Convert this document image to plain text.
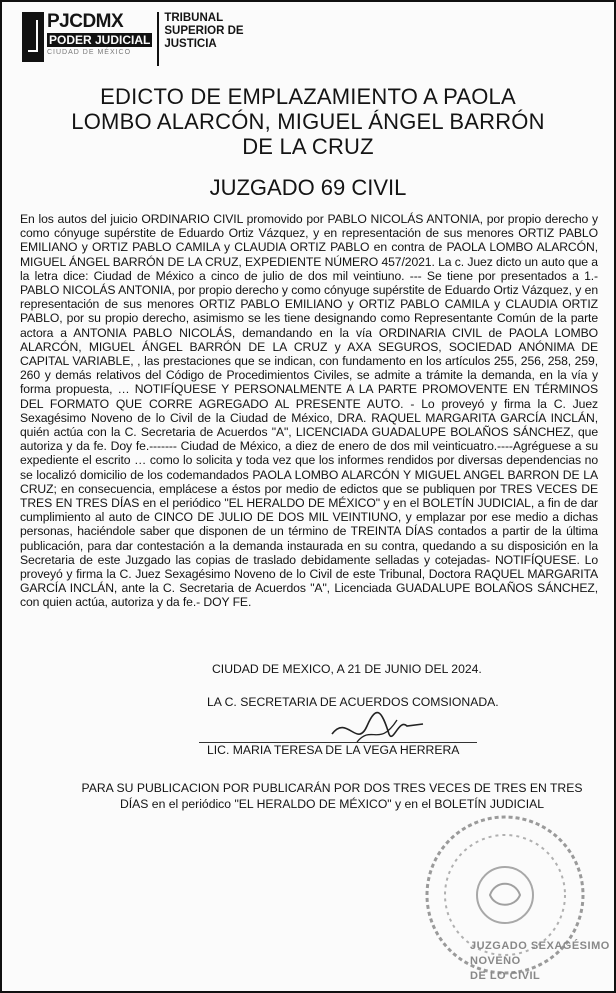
PJCDMX
PODER JUDICIAL
CIUDAD DE MÉXICO
TRIBUNAL
SUPERIOR DE
JUSTICIA
EDICTO DE EMPLAZAMIENTO A PAOLA
LOMBO ALARCÓN, MIGUEL ÁNGEL BARRÓN
DE LA CRUZ
JUZGADO 69 CIVIL
En los autos del juicio ORDINARIO CIVIL promovido por PABLO NICOLÁS ANTONIA, por propio derecho y como cónyuge supérstite de Eduardo Ortiz Vázquez, y en representación de sus menores ORTIZ PABLO EMILIANO y ORTIZ PABLO CAMILA y CLAUDIA ORTIZ PABLO en contra de PAOLA LOMBO ALARCÓN, MIGUEL ÁNGEL BARRÓN DE LA CRUZ, EXPEDIENTE NÚMERO 457/2021. La c. Juez dicto un auto que a la letra dice: Ciudad de México a cinco de julio de dos mil veintiuno. --- Se tiene por presentados a 1.- PABLO NICOLÁS ANTONIA, por propio derecho y como cónyuge supérstite de Eduardo Ortiz Vázquez, y en representación de sus menores ORTIZ PABLO EMILIANO y ORTIZ PABLO CAMILA y CLAUDIA ORTIZ PABLO, por su propio derecho, asimismo se les tiene designando como Representante Común de la parte actora a ANTONIA PABLO NICOLÁS, demandando en la vía ORDINARIA CIVIL de PAOLA LOMBO ALARCÓN, MIGUEL ÁNGEL BARRÓN DE LA CRUZ y AXA SEGUROS, SOCIEDAD ANÓNIMA DE CAPITAL VARIABLE, , las prestaciones que se indican, con fundamento en los artículos 255, 256, 258, 259, 260 y demás relativos del Código de Procedimientos Civiles, se admite a trámite la demanda, en la vía y forma propuesta, … NOTIFÍQUESE Y PERSONALMENTE A LA PARTE PROMOVENTE EN TÉRMINOS DEL FORMATO QUE CORRE AGREGADO AL PRESENTE AUTO. - Lo proveyó y firma la C. Juez Sexagésimo Noveno de lo Civil de la Ciudad de México, DRA. RAQUEL MARGARITA GARCÍA INCLÁN, quién actúa con la C. Secretaria de Acuerdos "A", LICENCIADA GUADALUPE BOLAÑOS SÁNCHEZ, que autoriza y da fe. Doy fe.------- Ciudad de México, a diez de enero de dos mil veinticuatro.----Agréguese a su expediente el escrito … como lo solicita y toda vez que los informes rendidos por diversas dependencias no se localizó domicilio de los codemandados PAOLA LOMBO ALARCÓN Y MIGUEL ANGEL BARRON DE LA CRUZ; en consecuencia, emplácese a éstos por medio de edictos que se publiquen por TRES VECES DE TRES EN TRES DÍAS en el periódico "EL HERALDO DE MÉXICO" y en el BOLETÍN JUDICIAL, a fin de dar cumplimiento al auto de CINCO DE JULIO DE DOS MIL VEINTIUNO, y emplazar por ese medio a dichas personas, haciéndole saber que disponen de un término de TREINTA DÍAS contados a partir de la última publicación, para dar contestación a la demanda instaurada en su contra, quedando a su disposición en la Secretaria de este Juzgado las copias de traslado debidamente selladas y cotejadas- NOTIFÍQUESE. Lo proveyó y firma la C. Juez Sexagésimo Noveno de lo Civil de este Tribunal, Doctora RAQUEL MARGARITA GARCÍA INCLÁN, ante la C. Secretaria de Acuerdos "A", Licenciada GUADALUPE BOLAÑOS SÁNCHEZ, con quien actúa, autoriza y da fe.- DOY FE.
CIUDAD DE MEXICO, A 21 DE JUNIO DEL 2024.
LA C. SECRETARIA DE ACUERDOS COMSIONADA.
LIC. MARIA TERESA DE LA VEGA HERRERA
PARA SU PUBLICACION POR PUBLICARÁN POR DOS TRES VECES DE TRES EN TRES DÍAS en el periódico "EL HERALDO DE MÉXICO" y en el BOLETÍN JUDICIAL
JUZGADO SEXAGÉSIMO NOVENO
DE LO CIVIL
